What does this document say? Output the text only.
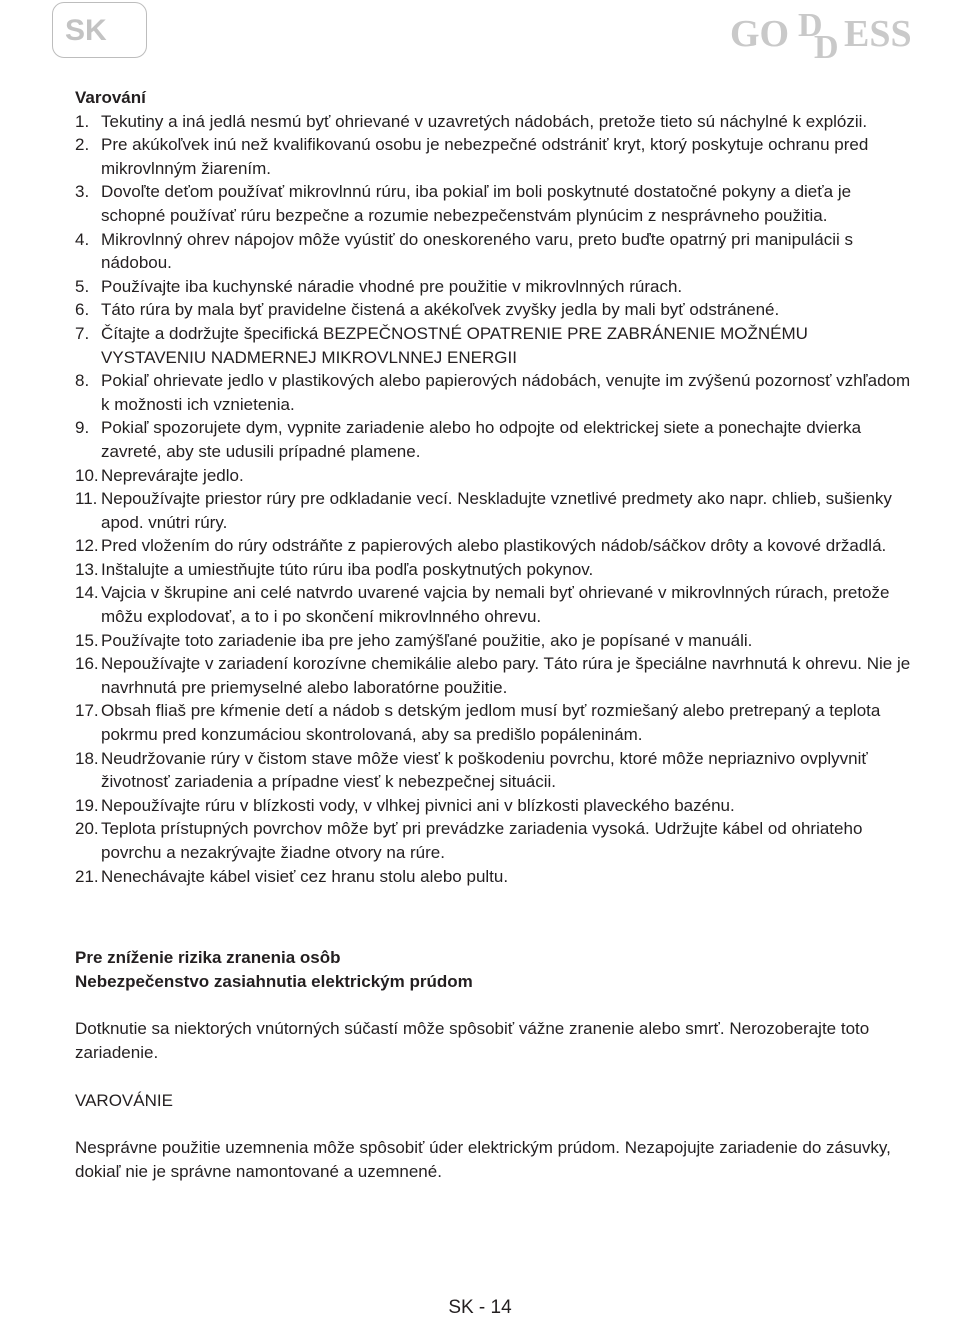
SK	GO D
D ESS

Varování

1. Tekutiny a iná jedlá nesmú byť ohrievané v uzavretých nádobách, pretože tieto sú náchylné k explózii.
2. Pre akúkoľvek inú než kvalifikovanú osobu je nebezpečné odstrániť kryt, ktorý poskytuje ochranu pred mikrovlnným žiarením.
3. Dovoľte deťom používať mikrovlnnú rúru, iba pokiaľ im boli poskytnuté dostatočné pokyny a dieťa je schopné používať rúru bezpečne a rozumie nebezpečenstvám plynúcim z nesprávneho použitia.
4. Mikrovlnný ohrev nápojov môže vyústiť do oneskoreného varu, preto buďte opatrný pri manipulácii s nádobou.
5. Používajte iba kuchynské náradie vhodné pre použitie v mikrovlnných rúrach.
6. Táto rúra by mala byť pravidelne čistená a akékoľvek zvyšky jedla by mali byť odstránené.
7. Čítajte a dodržujte špecifická BEZPEČNOSTNÉ OPATRENIE PRE ZABRÁNENIE MOŽNÉMU VYSTAVENIU NADMERNEJ MIKROVLNNEJ ENERGII
8. Pokiaľ ohrievate jedlo v plastikových alebo papierových nádobách, venujte im zvýšenú pozornosť vzhľadom k možnosti ich vznietenia.
9. Pokiaľ spozorujete dym, vypnite zariadenie alebo ho odpojte od elektrickej siete a ponechajte dvierka zavreté, aby ste udusili prípadné plamene.
10. Neprevárajte jedlo.
11. Nepoužívajte priestor rúry pre odkladanie vecí. Neskladujte vznetlivé predmety ako napr. chlieb, sušienky apod. vnútri rúry.
12. Pred vložením do rúry odstráňte z papierových alebo plastikových nádob/sáčkov drôty a kovové držadlá.
13. Inštalujte a umiestňujte túto rúru iba podľa poskytnutých pokynov.
14. Vajcia v škrupine ani celé natvrdo uvarené vajcia by nemali byť ohrievané v mikrovlnných rúrach, pretože môžu explodovať, a to i po skončení mikrovlnného ohrevu.
15. Používajte toto zariadenie iba pre jeho zamýšľané použitie, ako je popísané v manuáli.
16. Nepoužívajte v zariadení korozívne chemikálie alebo pary. Táto rúra je špeciálne navrhnutá k ohrevu. Nie je navrhnutá pre priemyselné alebo laboratórne použitie.
17. Obsah fliaš pre kŕmenie detí a nádob s detským jedlom musí byť rozmiešaný alebo pretrepaný a teplota pokrmu pred konzumáciou skontrolovaná, aby sa predišlo popáleninám.
18. Neudržovanie rúry v čistom stave môže viesť k poškodeniu povrchu, ktoré môže nepriaznivo ovplyvniť životnosť zariadenia a prípadne viesť k nebezpečnej situácii.
19. Nepoužívajte rúru v blízkosti vody, v vlhkej pivnici ani v blízkosti plaveckého bazénu.
20. Teplota prístupných povrchov môže byť pri prevádzke zariadenia vysoká. Udržujte kábel od ohriateho povrchu a nezakrývajte žiadne otvory na rúre.
21. Nenechávajte kábel visieť cez hranu stolu alebo pultu.

Pre zníženie rizika zranenia osôb

Nebezpečenstvo zasiahnutia elektrickým prúdom

Dotknutie sa niektorých vnútorných súčastí môže spôsobiť vážne zranenie alebo smrť. Nerozoberajte toto zariadenie.

VAROVÁNIE

Nesprávne použitie uzemnenia môže spôsobiť úder elektrickým prúdom. Nezapojujte zariadenie do zásuvky, dokiaľ nie je správne namontované a uzemnené.

SK - 14
